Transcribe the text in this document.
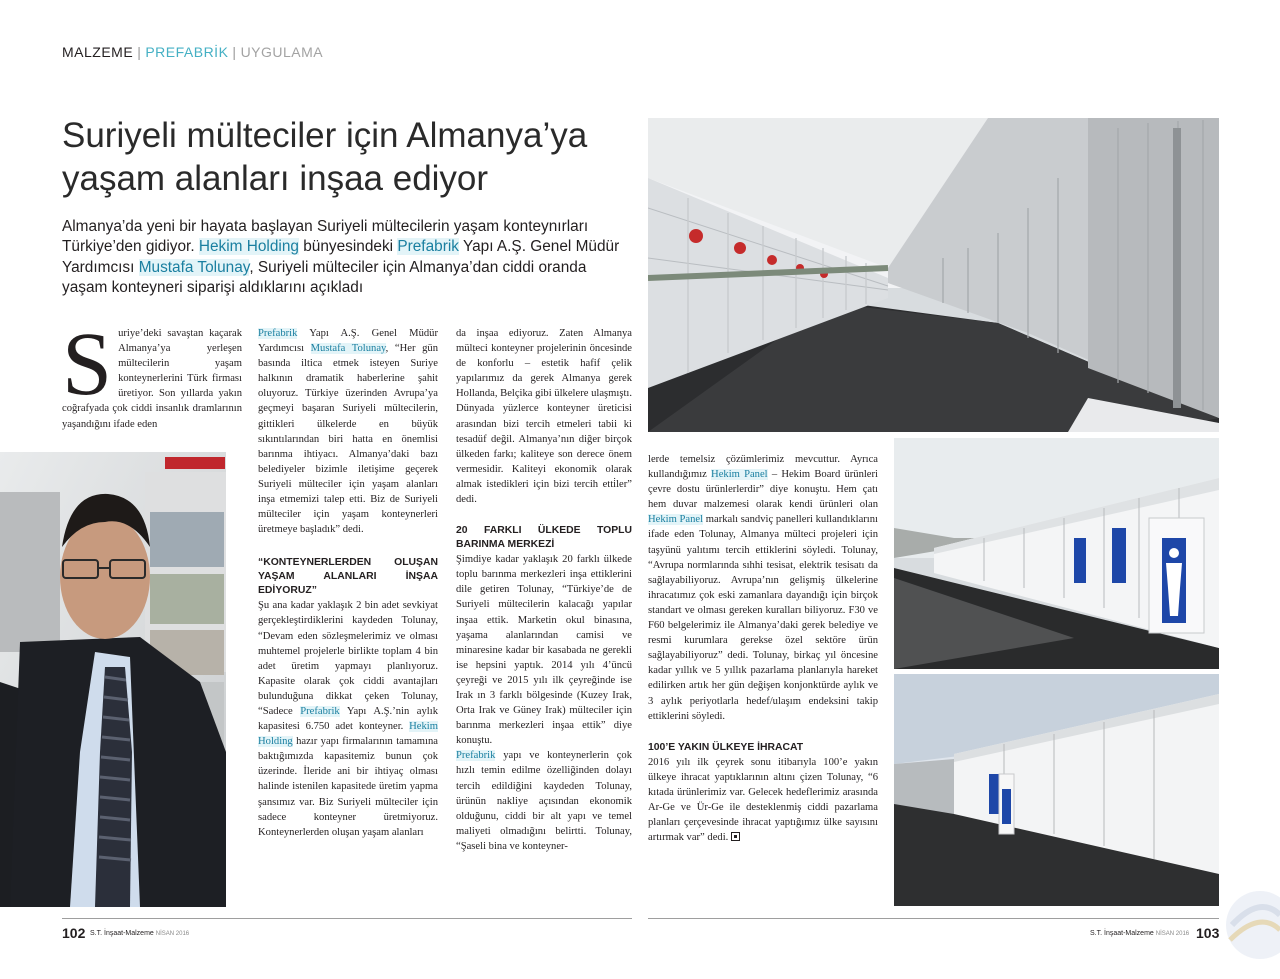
MALZEME | PREFABRİK | UYGULAMA
Suriyeli mülteciler için Almanya’ya
yaşam alanları inşaa ediyor
Almanya’da yeni bir hayata başlayan Suriyeli mültecilerin yaşam konteynırları Türkiye’den gidiyor. Hekim Holding bünyesindeki Prefabrik Yapı A.Ş. Genel Müdür Yardımcısı Mustafa Tolunay, Suriyeli mülteciler için Almanya’dan ciddi oranda yaşam konteyneri siparişi aldıklarını açıkladı
Suriye’deki savaştan kaçarak Almanya’ya yerleşen mültecilerin yaşam konteynerlerini Türk firması üretiyor. Son yıllarda yakın coğrafyada çok ciddi insanlık dramlarının yaşandığını ifade eden

Prefabrik Yapı A.Ş. Genel Müdür Yardımcısı Mustafa Tolunay, “Her gün basında iltica etmek isteyen Suriye halkının dramatik haberlerine şahit oluyoruz. Türkiye üzerinden Avrupa’ya geçmeyi başaran Suriyeli mültecilerin, gittikleri ülkelerde en büyük sıkıntılarından biri hatta en önemlisi barınma ihtiyacı. Almanya’daki bazı belediyeler bizimle iletişime geçerek Suriyeli mülteciler için yaşam alanları inşa etmemizi talep etti. Biz de Suriyeli mülteciler için yaşam konteynerleri üretmeye başladık” dedi.

“KONTEYNERLERDEN OLUŞAN YAŞAM ALANLARI İNŞAA EDİYORUZ”

Şu ana kadar yaklaşık 2 bin adet sevkiyat gerçekleştirdiklerini kaydeden Tolunay, “Devam eden sözleşmelerimiz ve olması muhtemel projelerle birlikte toplam 4 bin adet üretim yapmayı planlıyoruz. Kapasite olarak çok ciddi avantajları bulunduğuna dikkat çeken Tolunay, “Sadece Prefabrik Yapı A.Ş.’nin aylık kapasitesi 6.750 adet konteyner. Hekim Holding hazır yapı firmalarının tamamına baktığımızda kapasitemiz bunun çok üzerinde. İleride ani bir ihtiyaç olması halinde istenilen kapasitede üretim yapma şansımız var. Biz Suriyeli mülteciler için sadece konteyner üretmiyoruz. Konteynerlerden oluşan yaşam alanları

da inşaa ediyoruz. Zaten Almanya mülteci konteyner projelerinin öncesinde de konforlu – estetik hafif çelik yapılarımız da gerek Almanya gerek Hollanda, Belçika gibi ülkelere ulaşmıştı. Dünyada yüzlerce konteyner üreticisi arasından bizi tercih etmeleri tabii ki tesadüf değil. Almanya’nın diğer birçok ülkeden farkı; kaliteye son derece önem vermesidir. Kaliteyi ekonomik olarak almak istedikleri için bizi tercih etti̇ler” dedi.

20 FARKLI ÜLKEDE TOPLU BARINMA MERKEZİ

Şimdiye kadar yaklaşık 20 farklı ülkede toplu barınma merkezleri inşa ettiklerini dile getiren Tolunay, “Türkiye’de de Suriyeli mültecilerin kalacağı yapılar inşaa ettik. Marketin okul binasına, yaşama alanlarından camisi ve minaresine kadar bir kasabada ne gerekli ise hepsini yaptık. 2014 yılı 4’üncü çeyreği ve 2015 yılı ilk çeyreğinde ise Irak ın 3 farklı bölgesinde (Kuzey Irak, Orta Irak ve Güney Irak) mülteciler için barınma merkezleri inşaa ettik” diye konuştu.

Prefabrik yapı ve konteynerlerin çok hızlı temin edilme özelliğinden dolayı tercih edildiğini kaydeden Tolunay, ürünün nakliye açısından ekonomik olduğunu, ciddi bir alt yapı ve temel maliyeti olmadığını belirtti. Tolunay, “Şaseli bina ve konteyner-

lerde temelsiz çözümlerimiz mevcuttur. Ayrıca kullandığımız Hekim Panel – Hekim Board ürünleri çevre dostu ürünlerlerdir” diye konuştu. Hem çatı hem duvar malzemesi olarak kendi ürünleri olan Hekim Panel markalı sandviç panelleri kullandıklarını ifade eden Tolunay, Almanya mülteci projeleri için taşyünü yalıtımı tercih ettiklerini söyledi. Tolunay, “Avrupa normlarında sıhhi tesisat, elektrik tesisatı da sağlayabiliyoruz. Avrupa’nın gelişmiş ülkelerine ihracatımız çok eski zamanlara dayandığı için birçok standart ve olması gereken kuralları biliyoruz. F30 ve F60 belgelerimiz ile Almanya’daki gerek belediye ve resmi kurumlara gerekse özel sektöre ürün sağlayabiliyoruz” dedi. Tolunay, birkaç yıl öncesine kadar yıllık ve 5 yıllık pazarlama planlarıyla hareket edilirken artık her gün değişen konjonktürde aylık ve 3 aylık periyotlarla hedef/ulaşım endeksini takip ettiklerini söyledi.

100’E YAKIN ÜLKEYE İHRACAT

2016 yılı ilk çeyrek sonu itibarıyla 100’e yakın ülkeye ihracat yaptıklarının altını çizen Tolunay, “6 kıtada ürünlerimiz var. Gelecek hedeflerimiz arasında Ar-Ge ve Ür-Ge ile desteklenmiş ciddi pazarlama planları çerçevesinde ihracat yaptığımız ülke sayısını artırmak var” dedi.

102 S.T. İnşaat-Malzeme NİSAN 2016	S.T. İnşaat-Malzeme NİSAN 2016 103
